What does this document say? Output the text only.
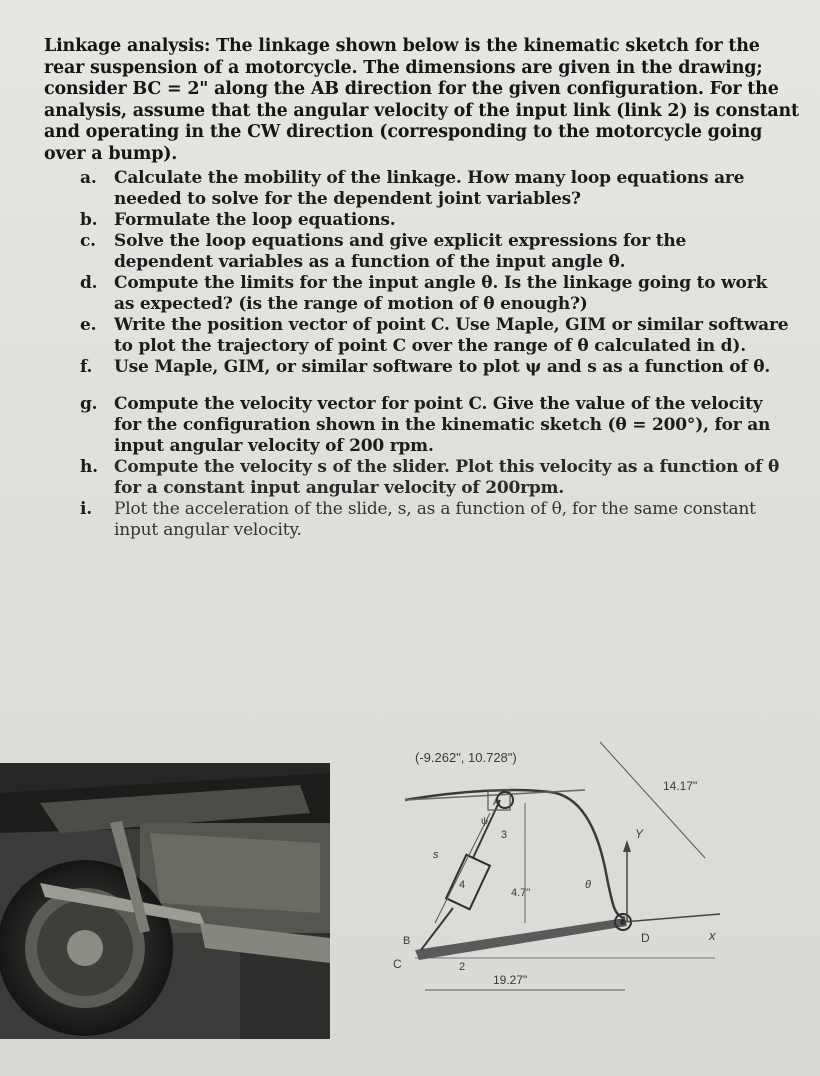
Linkage analysis: The linkage shown below is the kinematic sketch for the rear suspension of a motorcycle. The dimensions are given in the drawing; consider BC = 2" along the AB direction for the given configuration. For the analysis, assume that the angular velocity of the input link (link 2) is constant and operating in the CW direction (corresponding to the motorcycle going over a bump).

a.	Calculate the mobility of the linkage. How many loop equations are needed to solve for the dependent joint variables?
b. Formulate the loop equations.
c.	Solve the loop equations and give explicit expressions for the dependent variables as a function of the input angle θ.
d. Compute the limits for the input angle θ. Is the linkage going to work as expected? (is the range of motion of θ enough?)
e.	Write the position vector of point C. Use Maple, GIM or similar software to plot the trajectory of point C over the range of θ calculated in d).
f.	Use Maple, GIM, or similar software to plot ψ and s as a function of θ.
g. Compute the velocity vector for point C. Give the value of the velocity for the configuration shown in the kinematic sketch (θ = 200°), for an input angular velocity of 200 rpm.
h. Compute the velocity s of the slider. Plot this velocity as a function of θ for a constant input angular velocity of 200rpm.
i.	Plot the acceleration of the slide, s, as a function of θ, for the same constant input angular velocity.
(-9.262", 10.728")
14.17"
4.7"
19.27"
A
B
C
D	x
Y
2
3
4
s
ψ
θ
